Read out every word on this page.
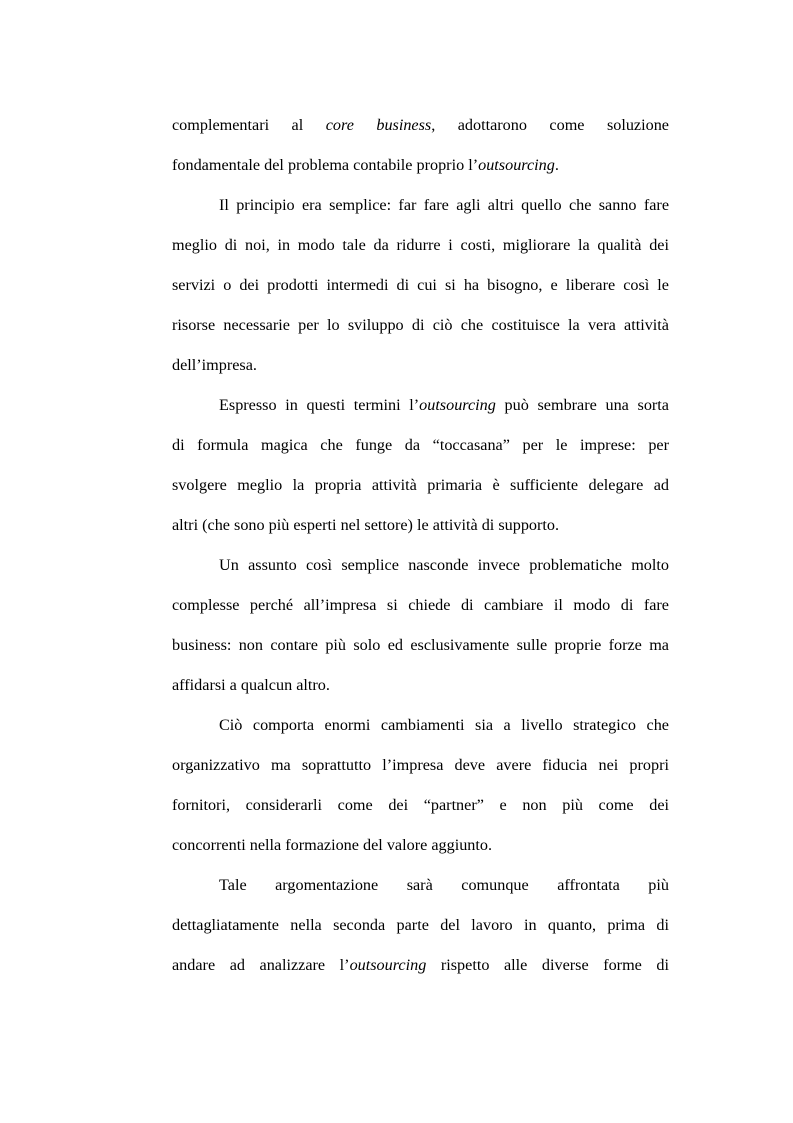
complementari al core business, adottarono come soluzione
fondamentale del problema contabile proprio l’outsourcing.
Il principio era semplice: far fare agli altri quello che sanno fare
meglio di noi, in modo tale da ridurre i costi, migliorare la qualità dei
servizi o dei prodotti intermedi di cui si ha bisogno, e liberare così le
risorse necessarie per lo sviluppo di ciò che costituisce la vera attività
dell’impresa.
Espresso in questi termini l’outsourcing può sembrare una sorta
di formula magica che funge da “toccasana” per le imprese: per
svolgere meglio la propria attività primaria è sufficiente delegare ad
altri (che sono più esperti nel settore) le attività di supporto.
Un assunto così semplice nasconde invece problematiche molto
complesse perché all’impresa si chiede di cambiare il modo di fare
business: non contare più solo ed esclusivamente sulle proprie forze ma
affidarsi a qualcun altro.
Ciò comporta enormi cambiamenti sia a livello strategico che
organizzativo ma soprattutto l’impresa deve avere fiducia nei propri
fornitori, considerarli come dei “partner” e non più come dei
concorrenti nella formazione del valore aggiunto.
Tale argomentazione sarà comunque affrontata più
dettagliatamente nella seconda parte del lavoro in quanto, prima di
andare ad analizzare l’outsourcing rispetto alle diverse forme di
